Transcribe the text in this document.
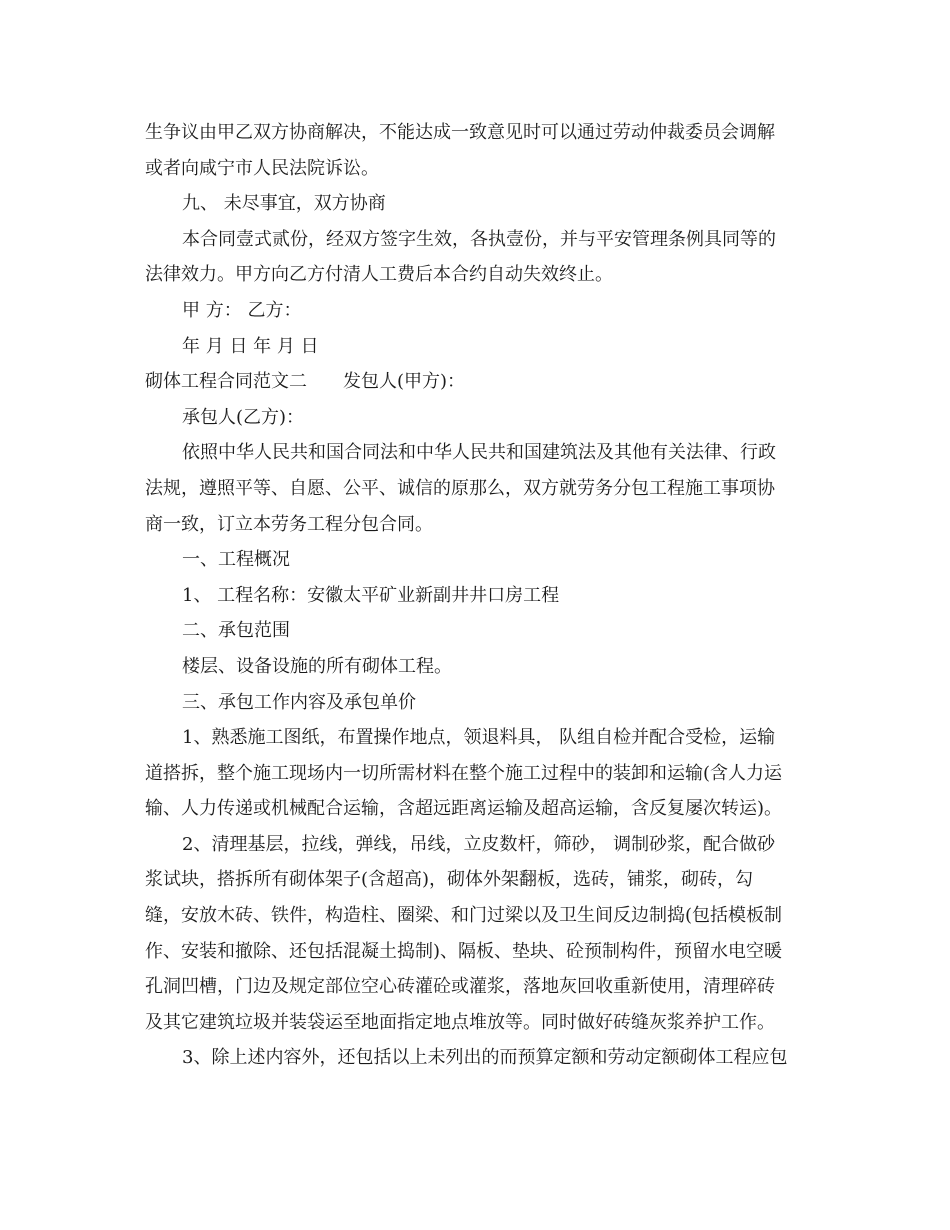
生争议由甲乙双方协商解决，不能达成一致意见时可以通过劳动仲裁委员会调解
或者向咸宁市人民法院诉讼。
九、 未尽事宜，双方协商
本合同壹式贰份，经双方签字生效，各执壹份，并与平安管理条例具同等的
法律效力。甲方向乙方付清人工费后本合约自动失效终止。
甲 方： 乙方：
年 月 日 年 月 日
砌体工程合同范文二 发包人(甲方)：
承包人(乙方)：
依照中华人民共和国合同法和中华人民共和国建筑法及其他有关法律、行政
法规，遵照平等、自愿、公平、诚信的原那么，双方就劳务分包工程施工事项协
商一致，订立本劳务工程分包合同。
一、工程概况
1、 工程名称：安徽太平矿业新副井井口房工程
二、承包范围
楼层、设备设施的所有砌体工程。
三、承包工作内容及承包单价
1、熟悉施工图纸，布置操作地点，领退料具， 队组自检并配合受检，运输
道搭拆，整个施工现场内一切所需材料在整个施工过程中的装卸和运输(含人力运
输、人力传递或机械配合运输，含超远距离运输及超高运输，含反复屡次转运)。
2、清理基层，拉线，弹线，吊线，立皮数杆，筛砂， 调制砂浆，配合做砂
浆试块，搭拆所有砌体架子(含超高)，砌体外架翻板，选砖，铺浆，砌砖，勾
缝，安放木砖、铁件，构造柱、圈梁、和门过梁以及卫生间反边制捣(包括模板制
作、安装和撤除、还包括混凝土捣制)、隔板、垫块、砼预制构件，预留水电空暖
孔洞凹槽，门边及规定部位空心砖灌砼或灌浆，落地灰回收重新使用，清理碎砖
及其它建筑垃圾并装袋运至地面指定地点堆放等。同时做好砖缝灰浆养护工作。
3、除上述内容外，还包括以上未列出的而预算定额和劳动定额砌体工程应包
